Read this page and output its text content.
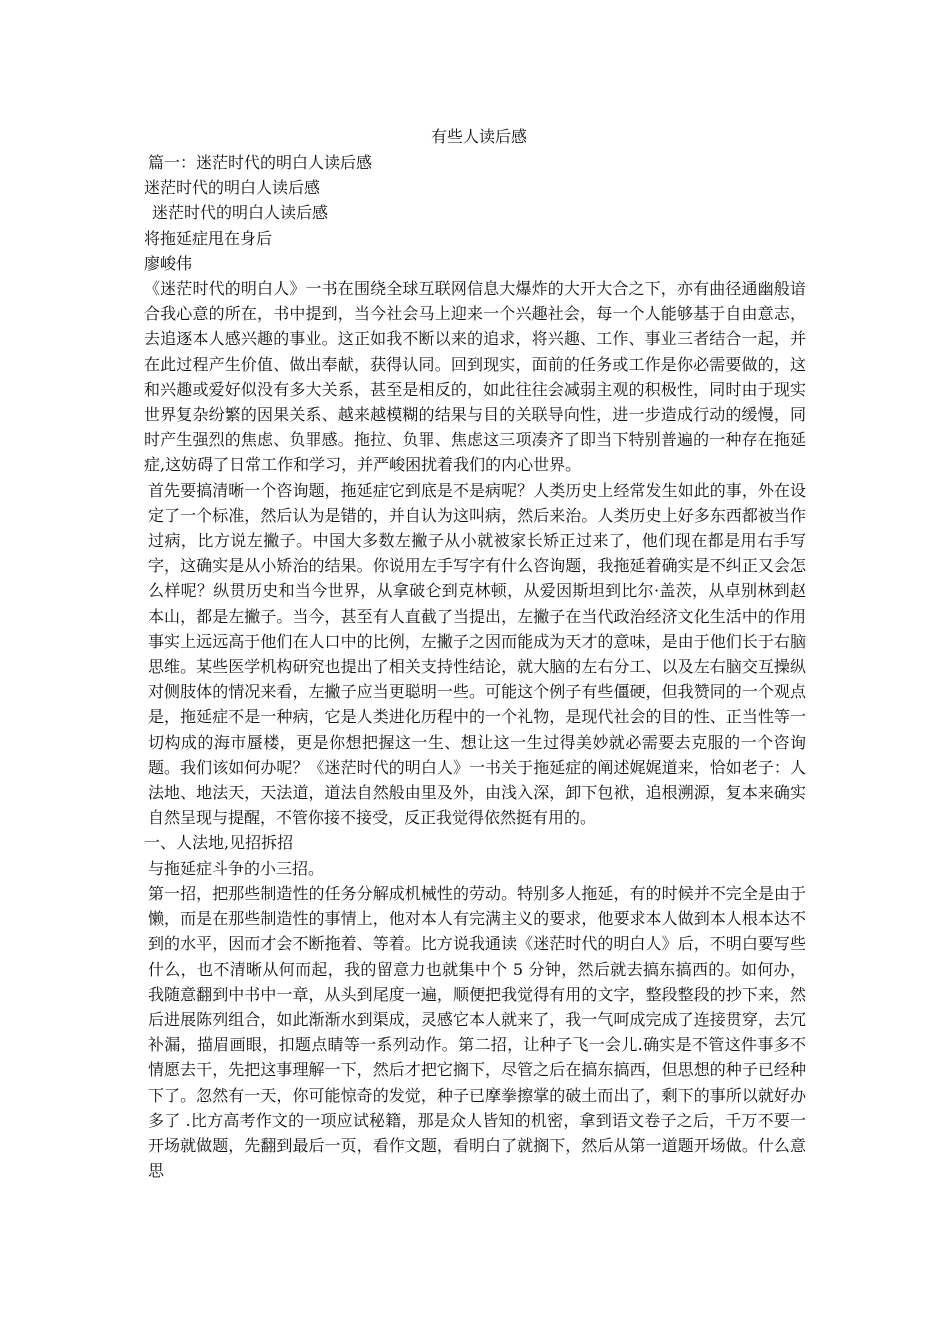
有些人读后感

篇一：迷茫时代的明白人读后感

迷茫时代的明白人读后感

迷茫时代的明白人读后感

将拖延症甩在身后

廖峻伟

《迷茫时代的明白人》一书在围绕全球互联网信息大爆炸的大开大合之下，亦有曲径通幽般谙合我心意的所在，书中提到，当今社会马上迎来一个兴趣社会，每一个人能够基于自由意志，去追逐本人感兴趣的事业。这正如我不断以来的追求，将兴趣、工作、事业三者结合一起，并在此过程产生价值、做出奉献，获得认同。回到现实，面前的任务或工作是你必需要做的，这和兴趣或爱好似没有多大关系，甚至是相反的，如此往往会减弱主观的积极性，同时由于现实世界复杂纷繁的因果关系、越来越模糊的结果与目的关联导向性，进一步造成行动的缓慢，同时产生强烈的焦虑、负罪感。拖拉、负罪、焦虑这三项凑齐了即当下特别普遍的一种存在拖延症,这妨碍了日常工作和学习，并严峻困扰着我们的内心世界。

首先要搞清晰一个咨询题，拖延症它到底是不是病呢？人类历史上经常发生如此的事，外在设定了一个标准，然后认为是错的，并自认为这叫病，然后来治。人类历史上好多东西都被当作过病，比方说左撇子。中国大多数左撇子从小就被家长矫正过来了，他们现在都是用右手写字，这确实是从小矫治的结果。你说用左手写字有什么咨询题，我拖延着确实是不纠正又会怎么样呢？纵贯历史和当今世界，从拿破仑到克林顿，从爱因斯坦到比尔·盖茨，从卓别林到赵本山，都是左撇子。当今，甚至有人直截了当提出，左撇子在当代政治经济文化生活中的作用事实上远远高于他们在人口中的比例，左撇子之因而能成为天才的意味，是由于他们长于右脑思维。某些医学机构研究也提出了相关支持性结论，就大脑的左右分工、以及左右脑交互操纵对侧肢体的情况来看，左撇子应当更聪明一些。可能这个例子有些僵硬，但我赞同的一个观点是，拖延症不是一种病，它是人类进化历程中的一个礼物，是现代社会的目的性、正当性等一切构成的海市蜃楼，更是你想把握这一生、想让这一生过得美妙就必需要去克服的一个咨询题。我们该如何办呢？《迷茫时代的明白人》一书关于拖延症的阐述娓娓道来，恰如老子：人法地、地法天，天法道，道法自然般由里及外，由浅入深，卸下包袱，追根溯源，复本来确实自然呈现与提醒，不管你接不接受，反正我觉得依然挺有用的。

一、人法地,见招拆招

与拖延症斗争的小三招。

第一招，把那些制造性的任务分解成机械性的劳动。特别多人拖延，有的时候并不完全是由于懒，而是在那些制造性的事情上，他对本人有完满主义的要求，他要求本人做到本人根本达不到的水平，因而才会不断拖着、等着。比方说我通读《迷茫时代的明白人》后，不明白要写些什么，也不清晰从何而起，我的留意力也就集中个 5 分钟，然后就去搞东搞西的。如何办，我随意翻到中书中一章，从头到尾度一遍，顺便把我觉得有用的文字，整段整段的抄下来，然后进展陈列组合，如此渐渐水到渠成，灵感它本人就来了，我一气呵成完成了连接贯穿，去冗补漏，描眉画眼，扣题点睛等一系列动作。第二招，让种子飞一会儿.确实是不管这件事多不情愿去干，先把这事理解一下，然后才把它搁下，尽管之后在搞东搞西，但思想的种子已经种下了。忽然有一天，你可能惊奇的发觉，种子已摩拳擦掌的破土而出了，剩下的事所以就好办多了 .比方高考作文的一项应试秘籍，那是众人皆知的机密，拿到语文卷子之后，千万不要一开场就做题，先翻到最后一页，看作文题，看明白了就搁下，然后从第一道题开场做。什么意思
